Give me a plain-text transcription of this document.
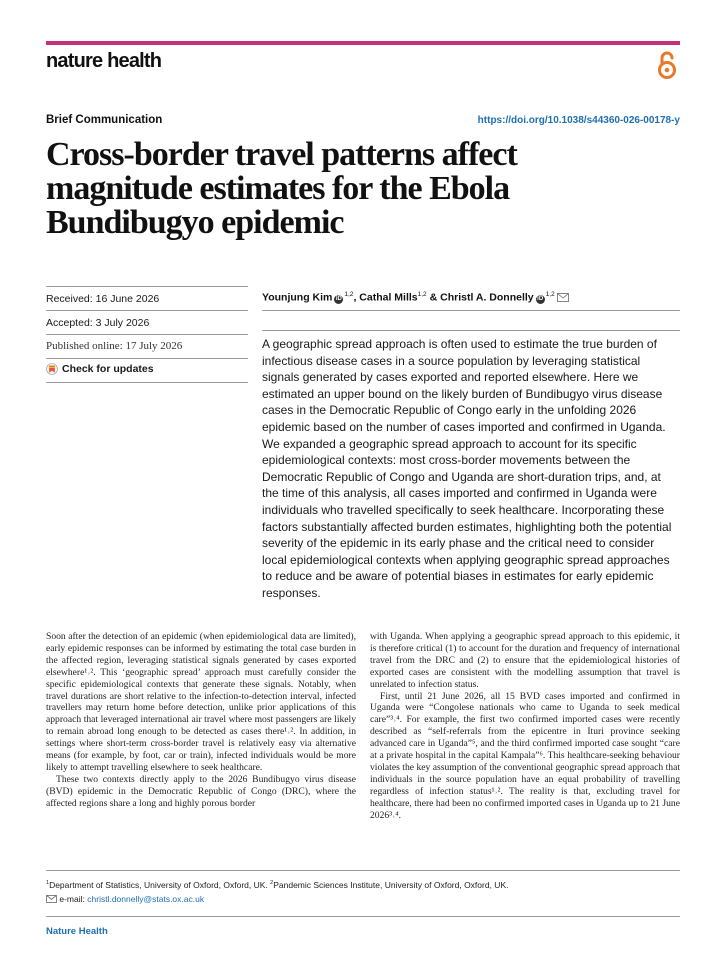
nature health
Brief Communication	https://doi.org/10.1038/s44360-026-00178-y
Cross-border travel patterns affect magnitude estimates for the Ebola Bundibugyo epidemic
Received: 16 June 2026
Accepted: 3 July 2026
Published online: 17 July 2026
Check for updates
Younjung Kim iD$^{1,2}$, Cathal Mills$^{1,2}$ & Christl A. Donnelly iD$^{1,2}$

A geographic spread approach is often used to estimate the true burden of infectious disease cases in a source population by leveraging statistical signals generated by cases exported and reported elsewhere. Here we estimated an upper bound on the likely burden of Bundibugyo virus disease cases in the Democratic Republic of Congo early in the unfolding 2026 epidemic based on the number of cases imported and confirmed in Uganda. We expanded a geographic spread approach to account for its specific epidemiological contexts: most cross-border movements between the Democratic Republic of Congo and Uganda are short-duration trips, and, at the time of this analysis, all cases imported and confirmed in Uganda were individuals who travelled specifically to seek healthcare. Incorporating these factors substantially affected burden estimates, highlighting both the potential severity of the epidemic in its early phase and the critical need to consider local epidemiological contexts when applying geographic spread approaches to reduce and be aware of potential biases in estimates for early epidemic responses.

Soon after the detection of an epidemic (when epidemiological data are limited), early epidemic responses can be informed by estimating the total case burden in the affected region, leveraging statistical signals generated by cases exported elsewhere¹˒². This ‘geographic spread’ approach must carefully consider the specific epidemiological contexts that generate these signals. Notably, when travel durations are short relative to the infection-to-detection interval, infected travellers may return home before detection, unlike prior applications of this approach that leveraged international air travel where most passengers are likely to remain abroad long enough to be detected as cases there¹˒². In addition, in settings where short-term cross-border travel is relatively easy via alternative means (for example, by foot, car or train), infected individuals would be more likely to attempt travelling elsewhere to seek healthcare.

These two contexts directly apply to the 2026 Bundibugyo virus disease (BVD) epidemic in the Democratic Republic of Congo (DRC), where the affected regions share a long and highly porous border

with Uganda. When applying a geographic spread approach to this epidemic, it is therefore critical (1) to account for the duration and frequency of international travel from the DRC and (2) to ensure that the epidemiological histories of exported cases are consistent with the modelling assumption that travel is unrelated to infection status.

First, until 21 June 2026, all 15 BVD cases imported and confirmed in Uganda were “Congolese nationals who came to Uganda to seek medical care”³˒⁴. For example, the first two confirmed imported cases were recently described as “self-referrals from the epicentre in Ituri province seeking advanced care in Uganda”⁵, and the third confirmed imported case sought “care at a private hospital in the capital Kampala”⁶. This healthcare-seeking behaviour violates the key assumption of the conventional geographic spread approach that individuals in the source population have an equal probability of travelling regardless of infection status¹˒². The reality is that, excluding travel for healthcare, there had been no confirmed imported cases in Uganda up to 21 June 2026³˒⁴.

$^1$Department of Statistics, University of Oxford, Oxford, UK. $^2$Pandemic Sciences Institute, University of Oxford, Oxford, UK.
e-mail: christl.donnelly@stats.ox.ac.uk
Nature Health
